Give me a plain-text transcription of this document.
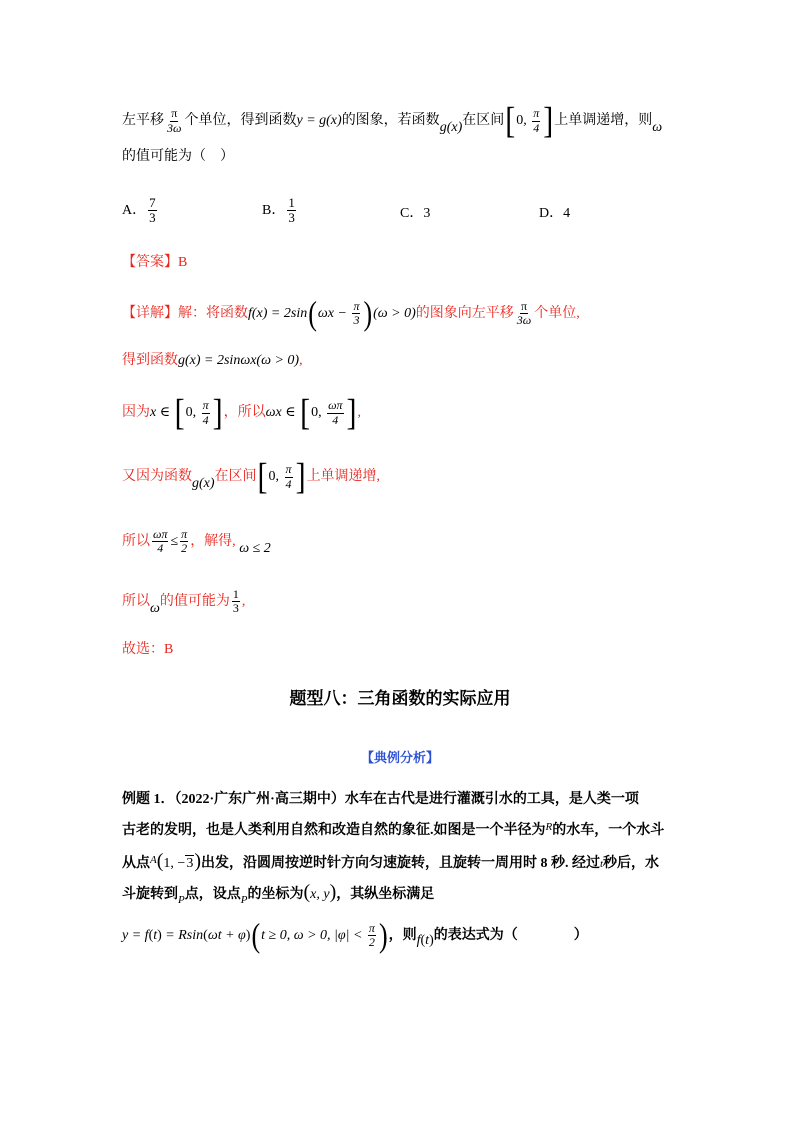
左平移 $\frac{\pi}{3\omega}$ 个单位，得到函数y = g(x)的图象，若函数g(x)在区间[0, $\frac{\pi}{4}$ ]上单调递增，则ω
的值可能为（　）
A． $\frac{7}{3}$	B． $\frac{1}{3}$	C．3	D．4
【答案】B
【详解】解：将函数$f(x) = 2\sin(\omega x - \frac{\pi}{3} )(\omega > 0)$的图象向左平移 $\frac{\pi}{3\omega}$ 个单位,
得到函数g(x) = 2sinωx(ω > 0),
因为x ∈ [0, $\frac{\pi}{4}$ ]，所以ωx ∈ [0, $\frac{\omega\pi}{4}$ ],
又因为函数g(x)在区间[0, $\frac{\pi}{4}$ ]上单调递增,
所以 $\frac{\omega\pi}{4} \le \frac{\pi}{2}$ ，解得, ω ≤ 2
所以ω的值可能为 $\frac{1}{3}$ ,
故选：B
题型八：三角函数的实际应用
【典例分析】
例题 1．（2022·广东广州·高三期中）水车在古代是进行灌溉引水的工具，是人类一项
古老的发明，也是人类利用自然和改造自然的象征.如图是一个半径为$^R$的水车，一个水斗
从点$^A$(1, −3)出发，沿圆周按逆时针方向匀速旋转，且旋转一周用时 8 秒. 经过t秒后，水
斗旋转到$_P$点，设点$_P$的坐标为(x, y)，其纵坐标满足
y = f(t) = Rsin(ωt + φ)(t ≥ 0, ω > 0, $|\varphi| < \frac{\pi}{2}$ )，则f(t)的表达式为（　　　　）
